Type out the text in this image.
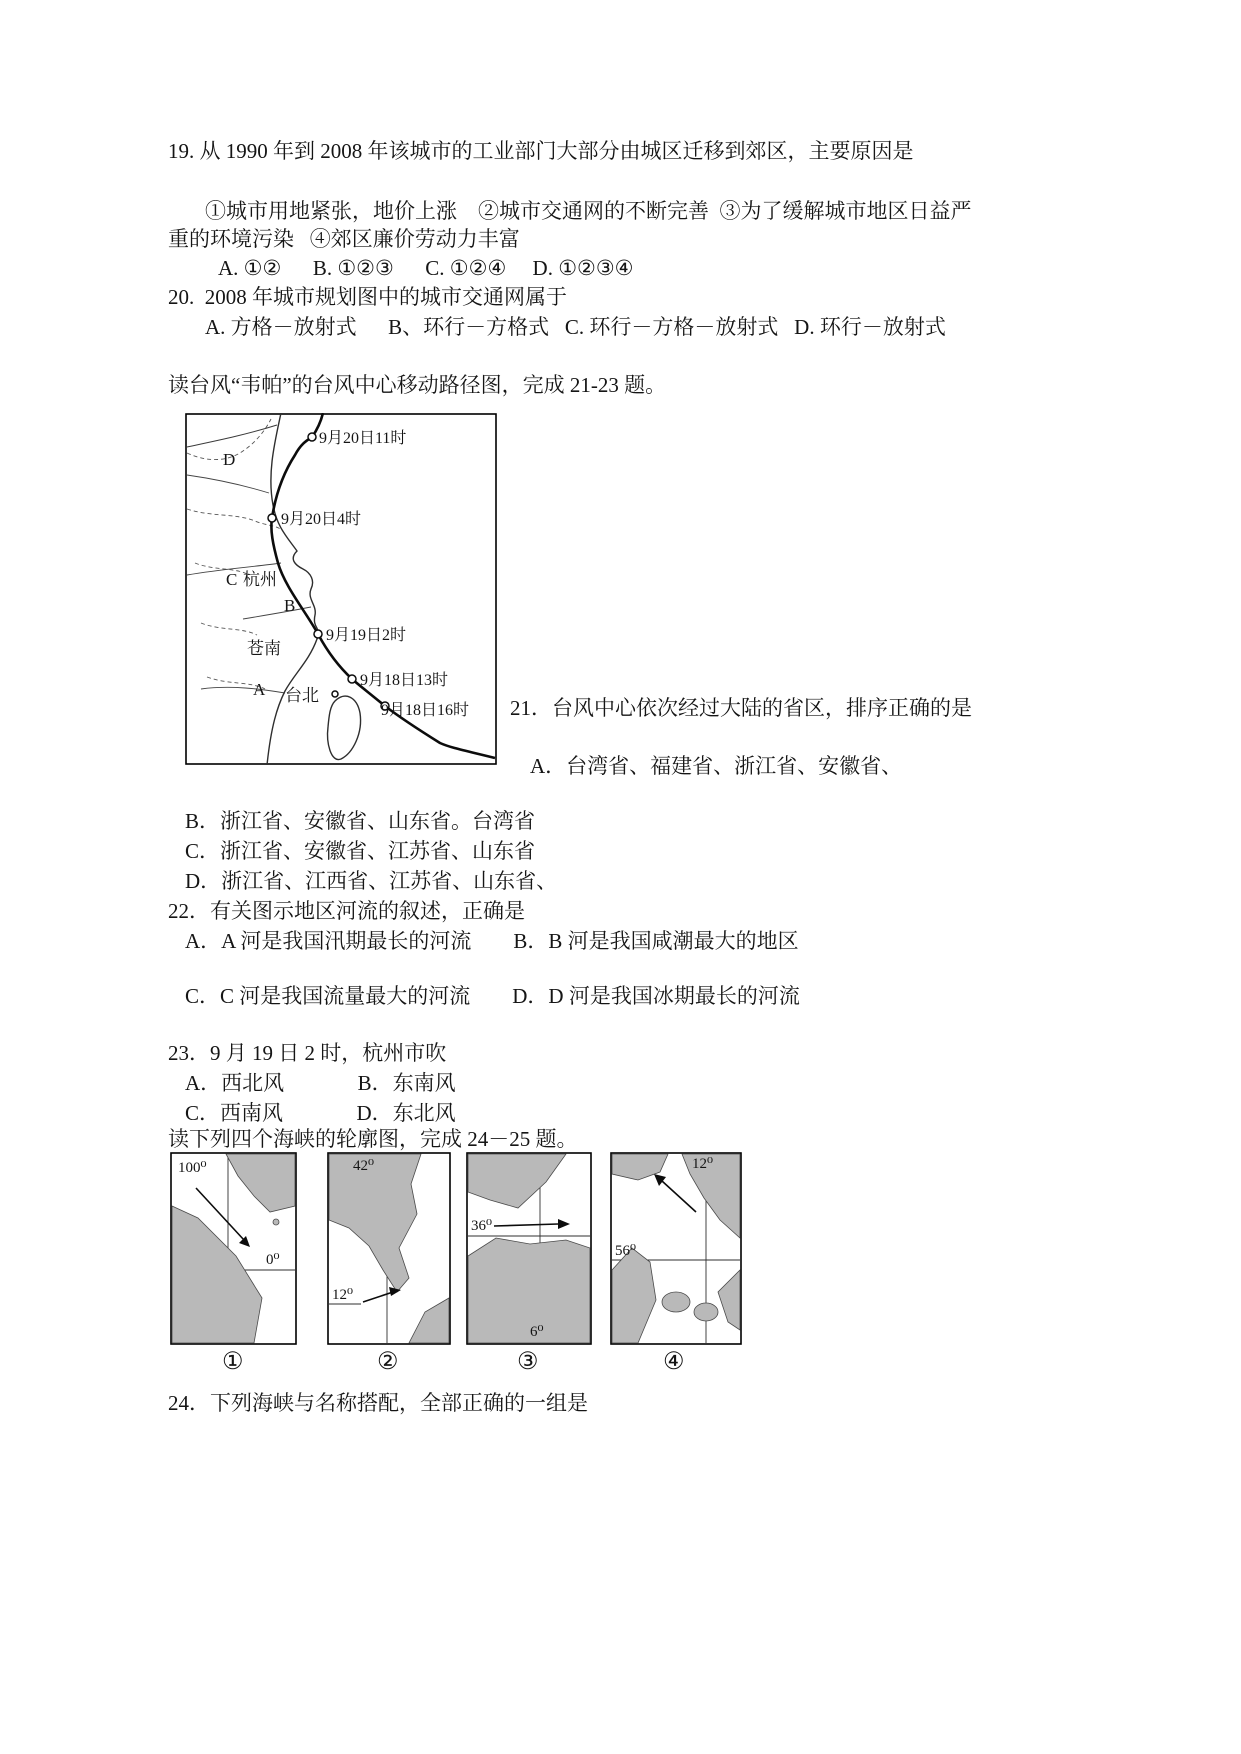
19. 从 1990 年到 2008 年该城市的工业部门大部分由城区迁移到郊区，主要原因是
①城市用地紧张，地价上涨    ②城市交通网的不断完善  ③为了缓解城市地区日益严
重的环境污染   ④郊区廉价劳动力丰富
A. ①②      B. ①②③      C. ①②④     D. ①②③④
20.  2008 年城市规划图中的城市交通网属于
A. 方格－放射式      B、环行－方格式   C. 环行－方格－放射式   D. 环行－放射式
读台风“韦帕”的台风中心移动路径图，完成 21-23 题。
9月20日11时
9月20日4时
9月19日2时
9月18日13时
9月18日16时
D
C
B
A
杭州
苍南
台北
21．台风中心依次经过大陆的省区，排序正确的是
A．台湾省、福建省、浙江省、安徽省、
B．浙江省、安徽省、山东省。台湾省
C．浙江省、安徽省、江苏省、山东省
D．浙江省、江西省、江苏省、山东省、
22．有关图示地区河流的叙述，正确是
A．A 河是我国汛期最长的河流        B．B 河是我国咸潮最大的地区
C．C 河是我国流量最大的河流        D．D 河是我国冰期最长的河流
23．9 月 19 日 2 时，杭州市吹
A．西北风              B．东南风
C．西南风              D．东北风
读下列四个海峡的轮廓图，完成 24－25 题。
100⁰
0⁰
42⁰
12⁰
36⁰
6⁰
12⁰
56⁰
①	②	③	④
24．下列海峡与名称搭配，全部正确的一组是
